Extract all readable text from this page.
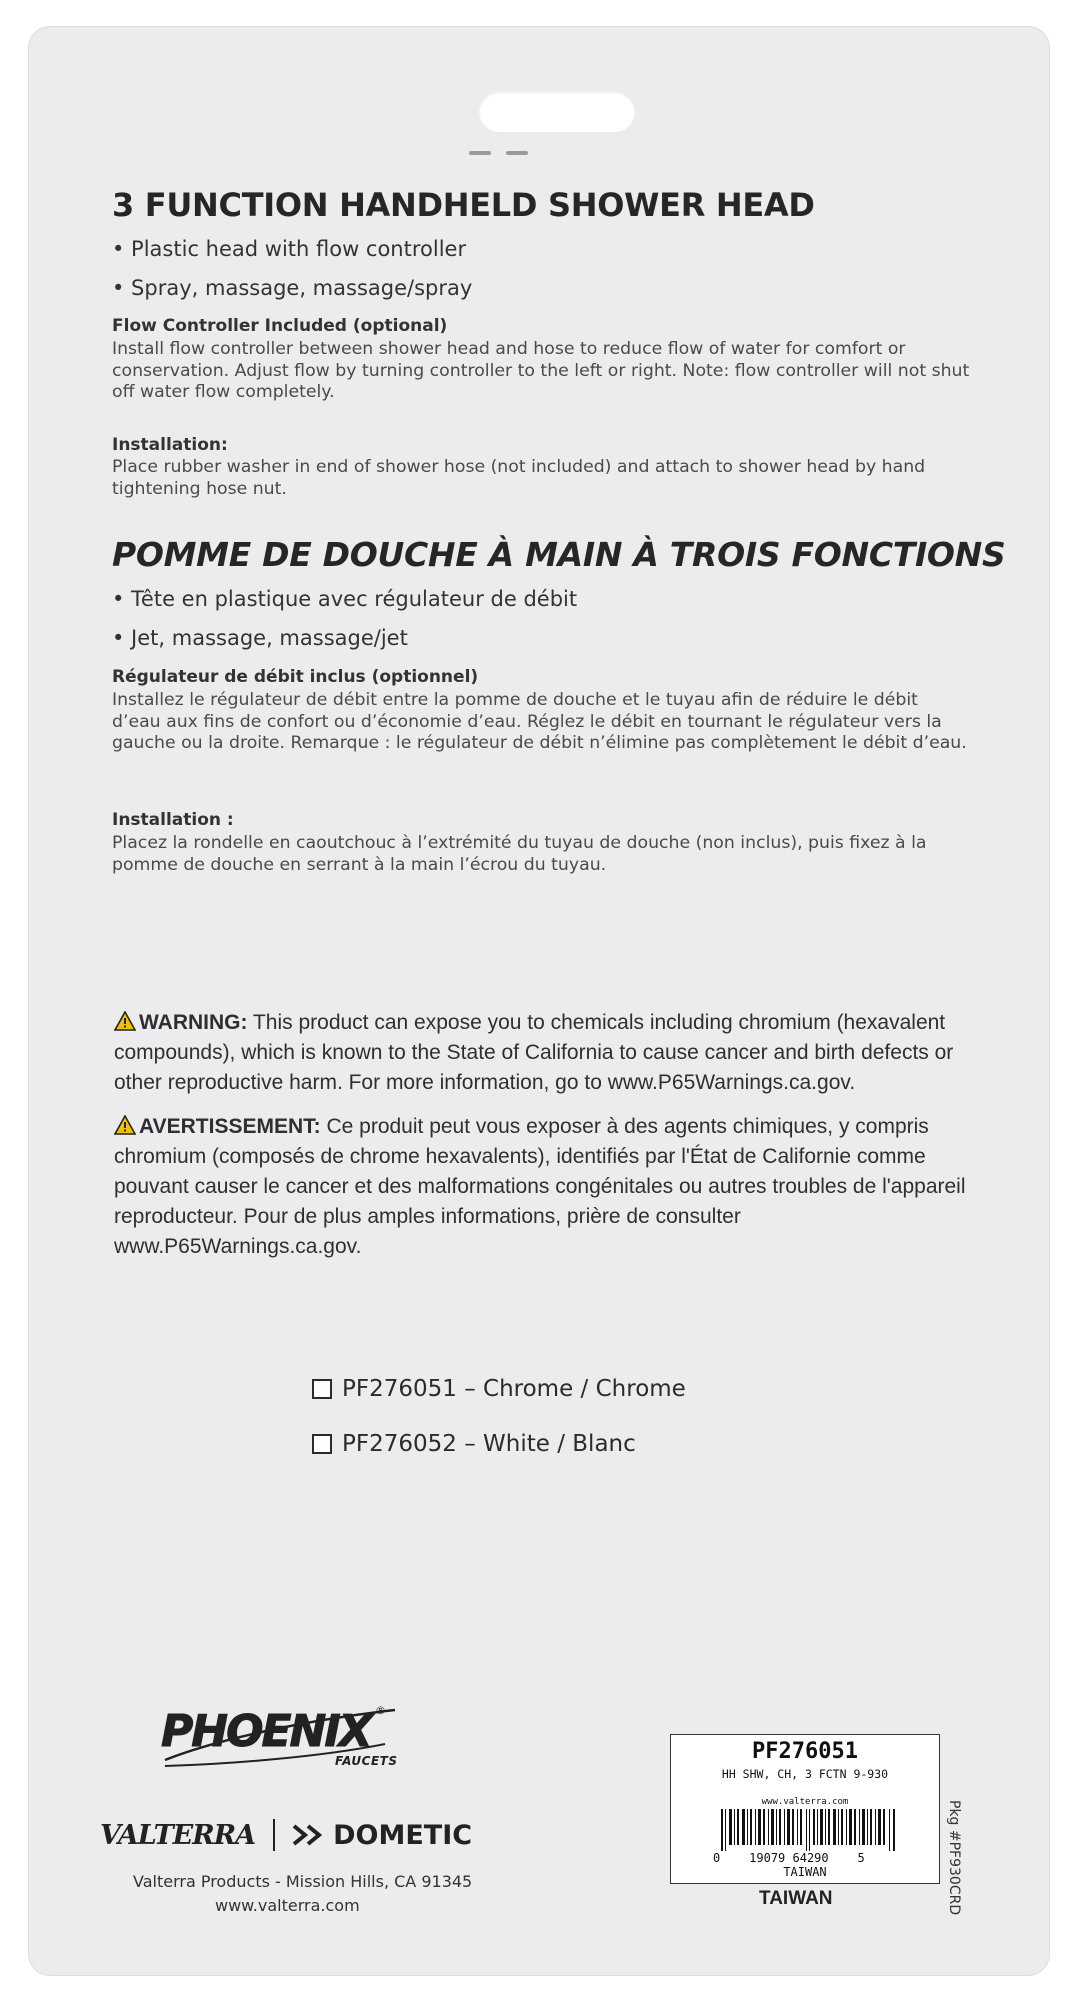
3 FUNCTION HANDHELD SHOWER HEAD
• Plastic head with flow controller
• Spray, massage, massage/spray
Flow Controller Included (optional)
Install flow controller between shower head and hose to reduce flow of water for comfort or conservation. Adjust flow by turning controller to the left or right. Note: flow controller will not shut off water flow completely.
Installation:
Place rubber washer in end of shower hose (not included) and attach to shower head by hand tightening hose nut.
POMME DE DOUCHE À MAIN À TROIS FONCTIONS
• Tête en plastique avec régulateur de débit
• Jet, massage, massage/jet
Régulateur de débit inclus (optionnel)
Installez le régulateur de débit entre la pomme de douche et le tuyau afin de réduire le débit d’eau aux fins de confort ou d’économie d’eau. Réglez le débit en tournant le régulateur vers la gauche ou la droite. Remarque : le régulateur de débit n’élimine pas complètement le débit d’eau.
Installation :
Placez la rondelle en caoutchouc à l’extrémité du tuyau de douche (non inclus), puis fixez à la pomme de douche en serrant à la main l’écrou du tuyau.
WARNING: This product can expose you to chemicals including chromium (hexavalent compounds), which is known to the State of California to cause cancer and birth defects or other reproductive harm. For more information, go to www.P65Warnings.ca.gov.
AVERTISSEMENT: Ce produit peut vous exposer à des agents chimiques, y compris chromium (composés de chrome hexavalents), identifiés par l'État de Californie comme pouvant causer le cancer et des malformations congénitales ou autres troubles de l'appareil reproducteur. Pour de plus amples informations, prière de consulter www.P65Warnings.ca.gov.
PF276051 – Chrome / Chrome
PF276052 – White / Blanc
PHOENIX ®
FAUCETS
VALTERRA	DOMETIC
Valterra Products - Mission Hills, CA 91345
www.valterra.com
PF276051
HH SHW, CH, 3 FCTN 9-930
www.valterra.com
0 19079 64290 5
TAIWAN
TAIWAN	Pkg #PF930CRD
